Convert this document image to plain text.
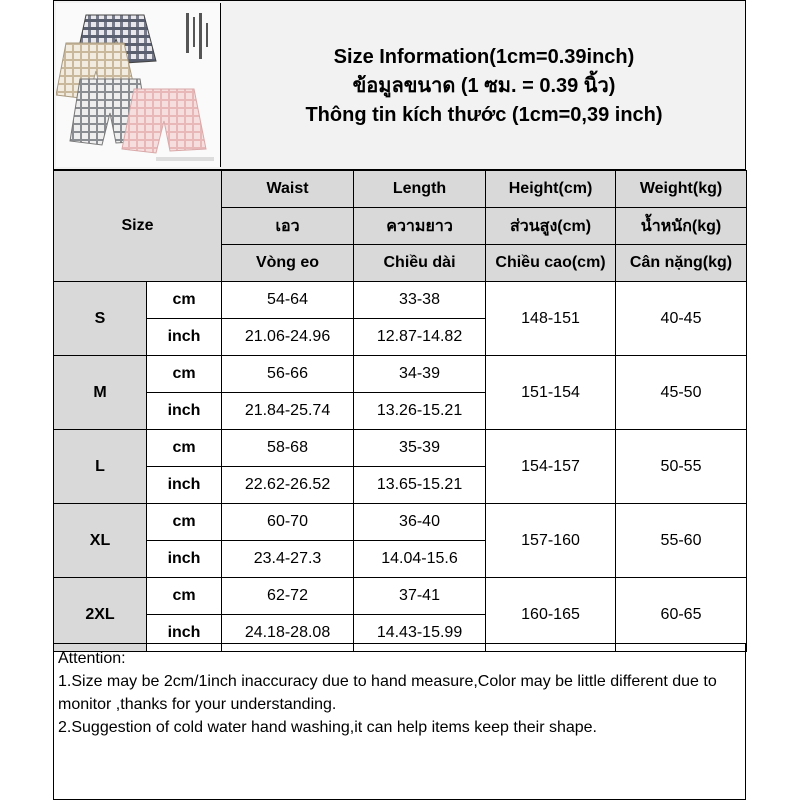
Size Information(1cm=0.39inch)
ข้อมูลขนาด (1 ซม. = 0.39 นิ้ว)
Thông tin kích thước (1cm=0,39 inch)
Size		Waist	Length	Height(cm)	Weight(kg)
		เอว	ความยาว	ส่วนสูง(cm)	น้ำหนัก(kg)
		Vòng eo	Chiều dài	Chiều cao(cm)	Cân nặng(kg)
S	cm	54-64	33-38	148-151	40-45
	inch	21.06-24.96	12.87-14.82		
M	cm	56-66	34-39	151-154	45-50
	inch	21.84-25.74	13.26-15.21		
L	cm	58-68	35-39	154-157	50-55
	inch	22.62-26.52	13.65-15.21		
XL	cm	60-70	36-40	157-160	55-60
	inch	23.4-27.3	14.04-15.6		
2XL	cm	62-72	37-41	160-165	60-65
	inch	24.18-28.08	14.43-15.99		
Attention:
1.Size may be 2cm/1inch inaccuracy due to hand measure,Color may be little different due to monitor ,thanks for your understanding.
2.Suggestion of cold water hand washing,it can help items keep their shape.
